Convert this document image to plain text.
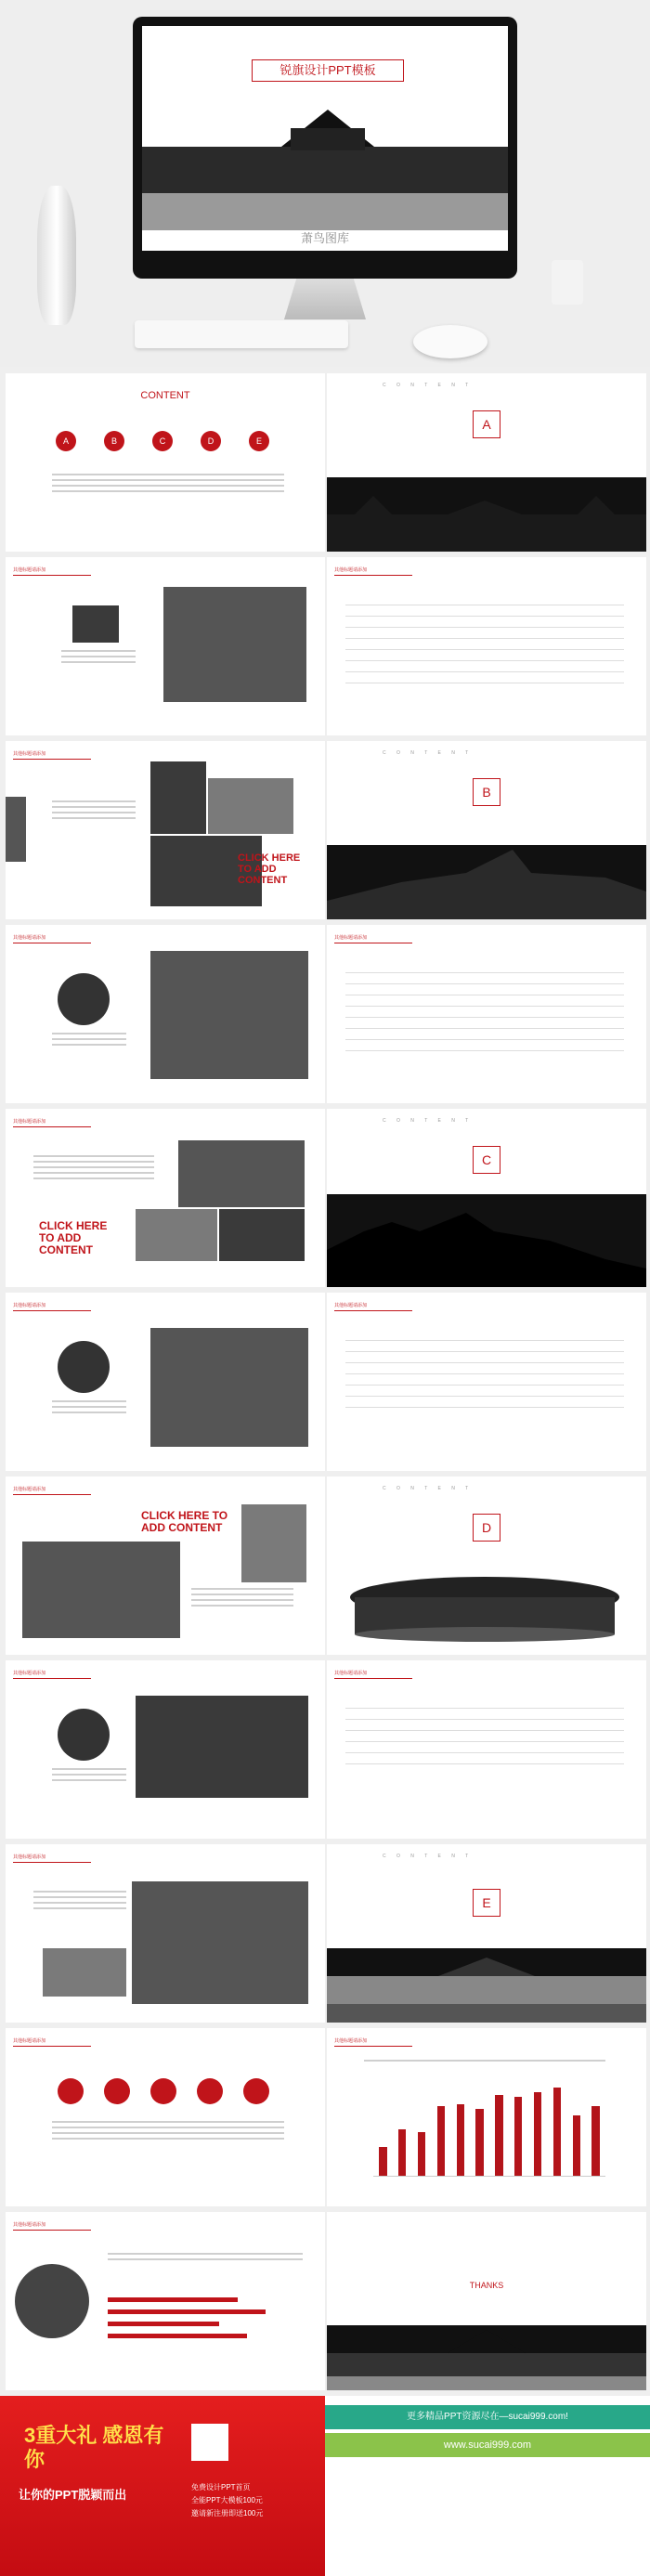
锐旗设计PPT模板
萧鸟图库
CONTENT
A	B	C	D	E
C O N T E N T
A
其他标题请添加	其他标题请添加
其他标题请添加
CLICK HERE TO ADD CONTENT
C O N T E N T
B
其他标题请添加	其他标题请添加
其他标题请添加
CLICK HERE TO ADD CONTENT
C O N T E N T
C
其他标题请添加	其他标题请添加
其他标题请添加
CLICK HERE TO ADD CONTENT
C O N T E N T
D
其他标题请添加	其他标题请添加
其他标题请添加	C O N T E N T
E
其他标题请添加	其他标题请添加
其他标题请添加
THANKS
3重大礼 感恩有你
让你的PPT脱颖而出
免费设计PPT首页
全能PPT大模板100元
邀请新注册即送100元
更多精品PPT资源尽在—sucai999.com!
www.sucai999.com
